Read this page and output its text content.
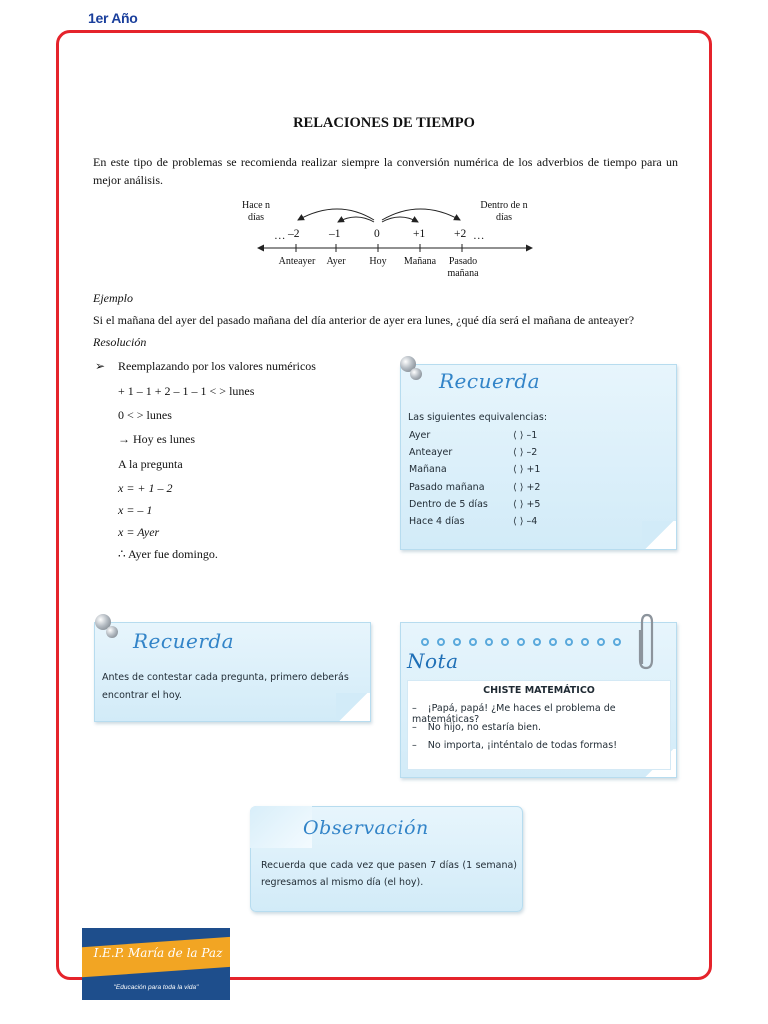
1er Año
RELACIONES DE TIEMPO

En este tipo de problemas se recomienda realizar siempre la conversión numérica de los adverbios de tiempo para un mejor análisis.

Hace n días
Dentro de n días
… –2	–1	0	+1	+2 …
Anteayer	Ayer	Hoy	Mañana	Pasado mañana
Ejemplo
Si el mañana del ayer del pasado mañana del día anterior de ayer era lunes, ¿qué día será el mañana de anteayer?
Resolución
➢ Reemplazando por los valores numéricos
+ 1 – 1 + 2 – 1 – 1 < > lunes
0 < > lunes
→ Hoy es lunes
A la pregunta
x = + 1 – 2
x = – 1
x = Ayer
∴ Ayer fue domingo.
Recuerda
Las siguientes equivalencias:
Ayer	⟨ ⟩ –1
Anteayer	⟨ ⟩ –2
Mañana	⟨ ⟩ +1
Pasado mañana	⟨ ⟩ +2
Dentro de 5 días	⟨ ⟩ +5
Hace 4 días	⟨ ⟩ –4
Recuerda
Antes de contestar cada pregunta, primero deberás encontrar el hoy.
Nota
CHISTE MATEMÁTICO
– ¡Papá, papá! ¿Me haces el problema de matemáticas?
– No hijo, no estaría bien.
– No importa, ¡inténtalo de todas formas!
Observación
Recuerda que cada vez que pasen 7 días (1 semana) regresamos al mismo día (el hoy).
I.E.P. María de la Paz
"Educación para toda la vida"
